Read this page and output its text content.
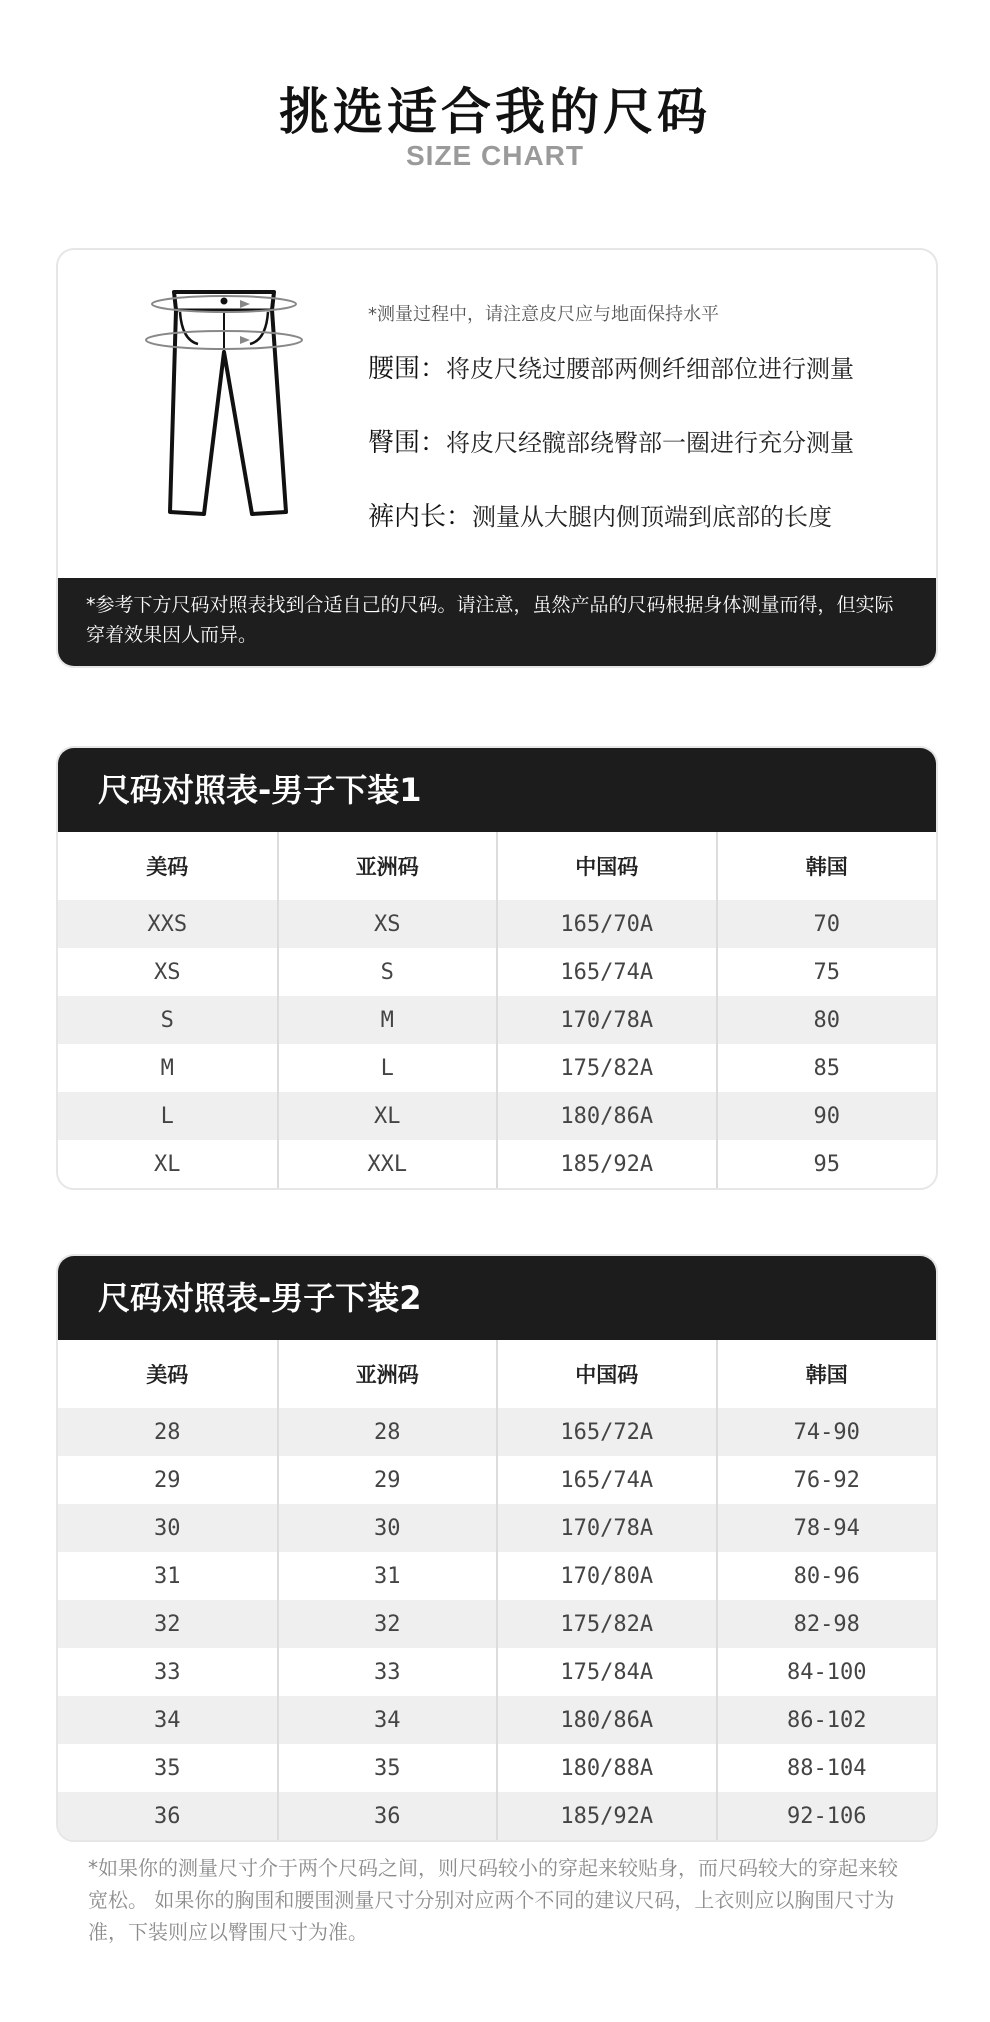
挑选适合我的尺码
SIZE CHART
*测量过程中，请注意皮尺应与地面保持水平
腰围：将皮尺绕过腰部两侧纤细部位进行测量
臀围：将皮尺经髋部绕臀部一圈进行充分测量
裤内长：测量从大腿内侧顶端到底部的长度
*参考下方尺码对照表找到合适自己的尺码。请注意，虽然产品的尺码根据身体测量而得，但实际穿着效果因人而异。
尺码对照表-男子下装1
美码	亚洲码	中国码	韩国
XXS	XS	165/70A	70
XS	S	165/74A	75
S	M	170/78A	80
M	L	175/82A	85
L	XL	180/86A	90
XL	XXL	185/92A	95
尺码对照表-男子下装2
美码	亚洲码	中国码	韩国
28	28	165/72A	74-90
29	29	165/74A	76-92
30	30	170/78A	78-94
31	31	170/80A	80-96
32	32	175/82A	82-98
33	33	175/84A	84-100
34	34	180/86A	86-102
35	35	180/88A	88-104
36	36	185/92A	92-106
*如果你的测量尺寸介于两个尺码之间，则尺码较小的穿起来较贴身，而尺码较大的穿起来较宽松。 如果你的胸围和腰围测量尺寸分别对应两个不同的建议尺码，上衣则应以胸围尺寸为准，下装则应以臀围尺寸为准。
